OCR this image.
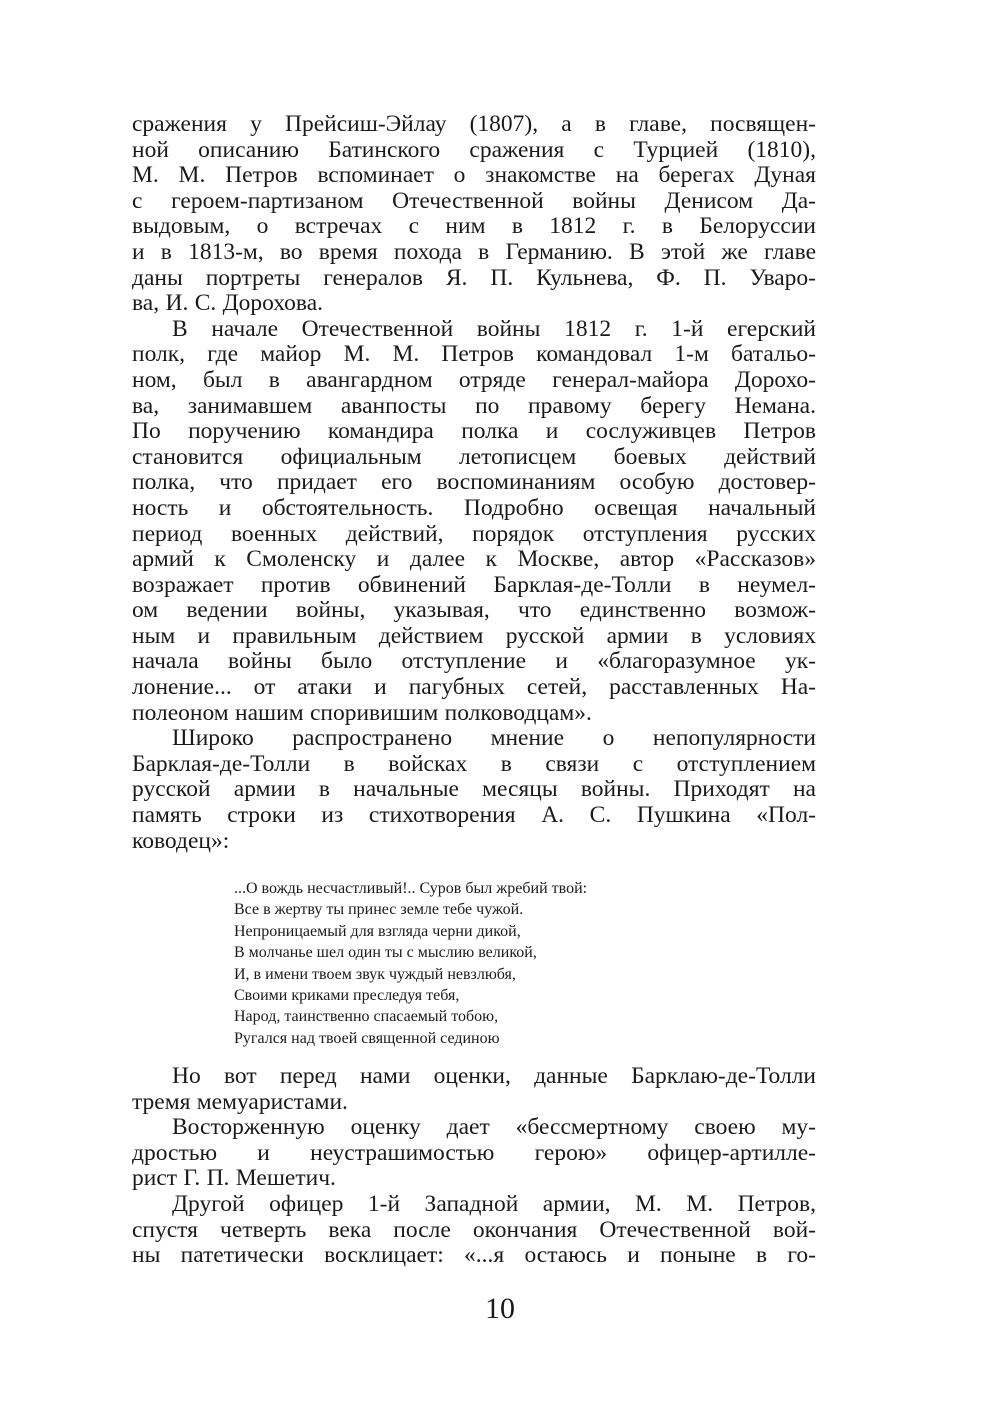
сражения у Прейсиш-Эйлау (1807), а в главе, посвящен-
ной описанию Батинского сражения с Турцией (1810),
М. М. Петров вспоминает о знакомстве на берегах Дуная
с героем-партизаном Отечественной войны Денисом Да-
выдовым, о встречах с ним в 1812 г. в Белоруссии
и в 1813-м, во время похода в Германию. В этой же главе
даны портреты генералов Я. П. Кульнева, Ф. П. Уваро-
ва, И. С. Дорохова.

В начале Отечественной войны 1812 г. 1-й егерский
полк, где майор М. М. Петров командовал 1-м батальо-
ном, был в авангардном отряде генерал-майора Дорохо-
ва, занимавшем аванпосты по правому берегу Немана.
По поручению командира полка и сослуживцев Петров
становится официальным летописцем боевых действий
полка, что придает его воспоминаниям особую достовер-
ность и обстоятельность. Подробно освещая начальный
период военных действий, порядок отступления русских
армий к Смоленску и далее к Москве, автор «Рассказов»
возражает против обвинений Барклая-де-Толли в неумел-
ом ведении войны, указывая, что единственно возмож-
ным и правильным действием русской армии в условиях
начала войны было отступление и «благоразумное ук-
лонение... от атаки и пагубных сетей, расставленных На-
полеоном нашим споривишим полководцам».

Широко распространено мнение о непопулярности
Барклая-де-Толли в войсках в связи с отступлением
русской армии в начальные месяцы войны. Приходят на
память строки из стихотворения А. С. Пушкина «Пол-
ководец»:

...О вождь несчастливый!.. Суров был жребий твой:
Все в жертву ты принес земле тебе чужой.
Непроницаемый для взгляда черни дикой,
В молчанье шел один ты с мыслию великой,
И, в имени твоем звук чуждый невзлюбя,
Своими криками преследуя тебя,
Народ, таинственно спасаемый тобою,
Ругался над твоей священной сединою

Но вот перед нами оценки, данные Барклаю-де-Толли
тремя мемуаристами.

Восторженную оценку дает «бессмертному своею му-
дростью и неустрашимостью герою» офицер-артиллe-
рист Г. П. Мешетич.

Другой офицер 1-й Западной армии, М. М. Петров,
спустя четверть века после окончания Отечественной вой-
ны патетически восклицает: «...я остаюсь и поныне в го-

10
